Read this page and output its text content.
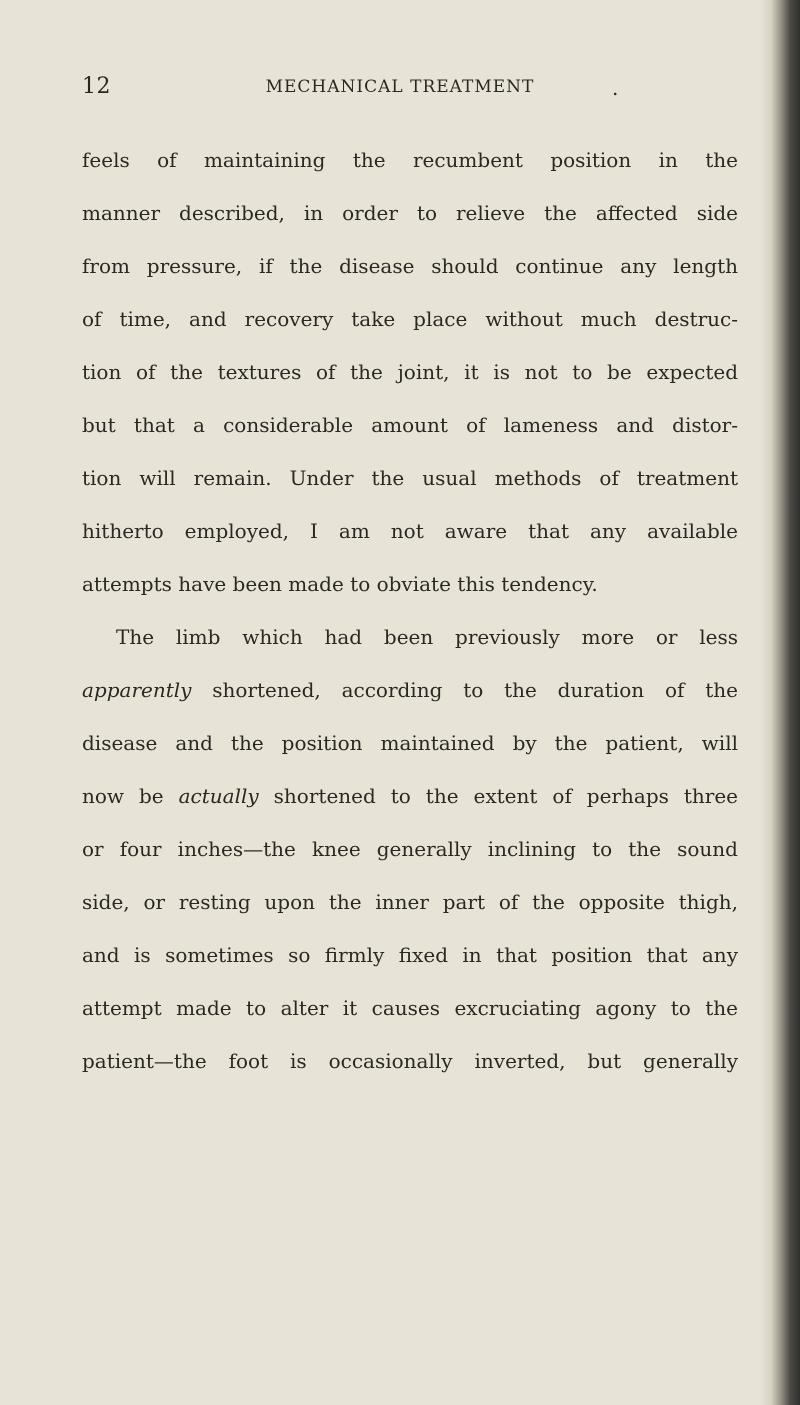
12	MECHANICAL TREATMENT	.
feels of maintaining the recumbent position in the
manner described, in order to relieve the affected side
from pressure, if the disease should continue any length
of time, and recovery take place without much destruc-
tion of the textures of the joint, it is not to be expected
but that a considerable amount of lameness and distor-
tion will remain. Under the usual methods of treatment
hitherto employed, I am not aware that any available
attempts have been made to obviate this tendency.
The limb which had been previously more or less
apparently shortened, according to the duration of the
disease and the position maintained by the patient, will
now be actually shortened to the extent of perhaps three
or four inches—the knee generally inclining to the sound
side, or resting upon the inner part of the opposite thigh,
and is sometimes so firmly fixed in that position that any
attempt made to alter it causes excruciating agony to the
patient—the foot is occasionally inverted, but generally
